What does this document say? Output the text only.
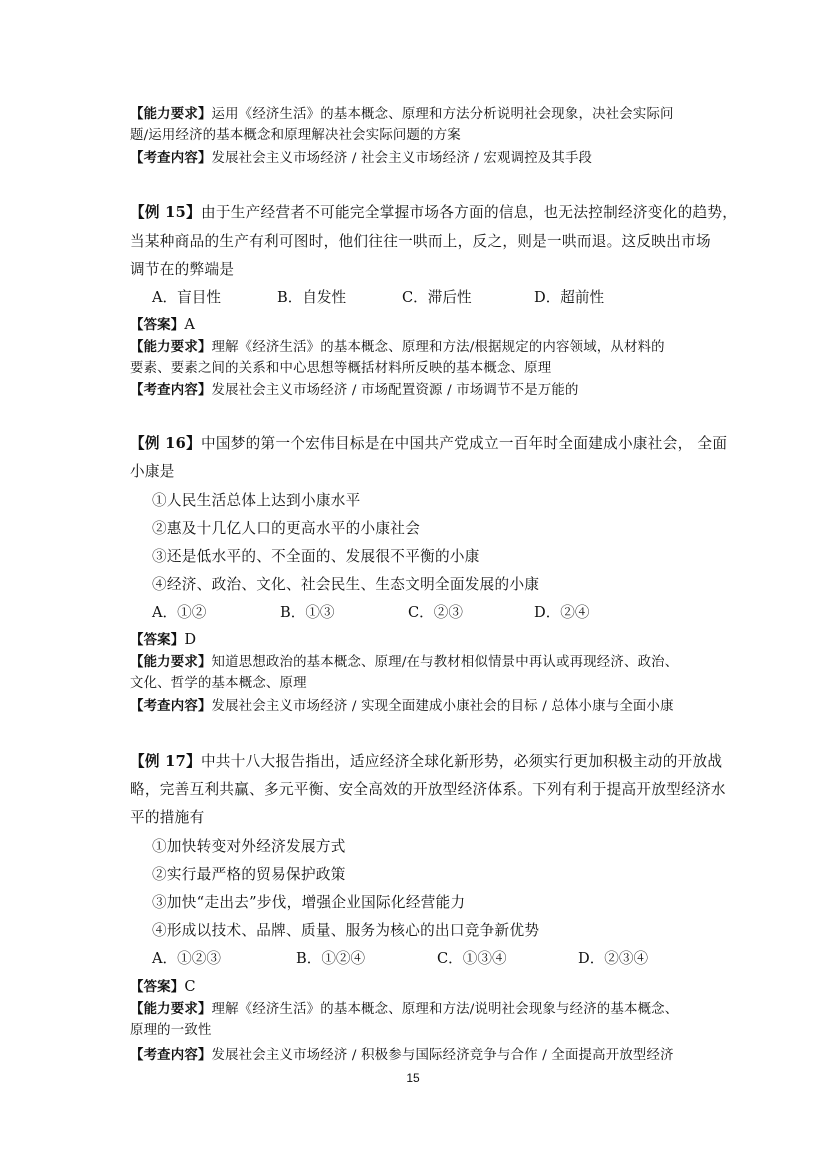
【能力要求】运用《经济生活》的基本概念、原理和方法分析说明社会现象，决社会实际问
题/运用经济的基本概念和原理解决社会实际问题的方案
【考查内容】发展社会主义市场经济 / 社会主义市场经济 / 宏观调控及其手段
【例 15】由于生产经营者不可能完全掌握市场各方面的信息，也无法控制经济变化的趋势，
当某种商品的生产有利可图时，他们往往一哄而上，反之，则是一哄而退。这反映出市场
调节在的弊端是
A．盲目性	B．自发性	C．滞后性	D．超前性
【答案】A
【能力要求】理解《经济生活》的基本概念、原理和方法/根据规定的内容领域，从材料的
要素、要素之间的关系和中心思想等概括材料所反映的基本概念、原理
【考查内容】发展社会主义市场经济 / 市场配置资源 / 市场调节不是万能的
【例 16】中国梦的第一个宏伟目标是在中国共产党成立一百年时全面建成小康社会， 全面
小康是
①人民生活总体上达到小康水平
②惠及十几亿人口的更高水平的小康社会
③还是低水平的、不全面的、发展很不平衡的小康
④经济、政治、文化、社会民生、生态文明全面发展的小康
A．①②	B．①③	C．②③	D．②④
【答案】D
【能力要求】知道思想政治的基本概念、原理/在与教材相似情景中再认或再现经济、政治、
文化、哲学的基本概念、原理
【考查内容】发展社会主义市场经济 / 实现全面建成小康社会的目标 / 总体小康与全面小康
【例 17】中共十八大报告指出，适应经济全球化新形势，必须实行更加积极主动的开放战
略，完善互利共赢、多元平衡、安全高效的开放型经济体系。下列有利于提高开放型经济水
平的措施有
①加快转变对外经济发展方式
②实行最严格的贸易保护政策
③加快“走出去”步伐，增强企业国际化经营能力
④形成以技术、品牌、质量、服务为核心的出口竞争新优势
A．①②③	B．①②④	C．①③④	D．②③④
【答案】C
【能力要求】理解《经济生活》的基本概念、原理和方法/说明社会现象与经济的基本概念、
原理的一致性
【考查内容】发展社会主义市场经济 / 积极参与国际经济竞争与合作 / 全面提高开放型经济
15
